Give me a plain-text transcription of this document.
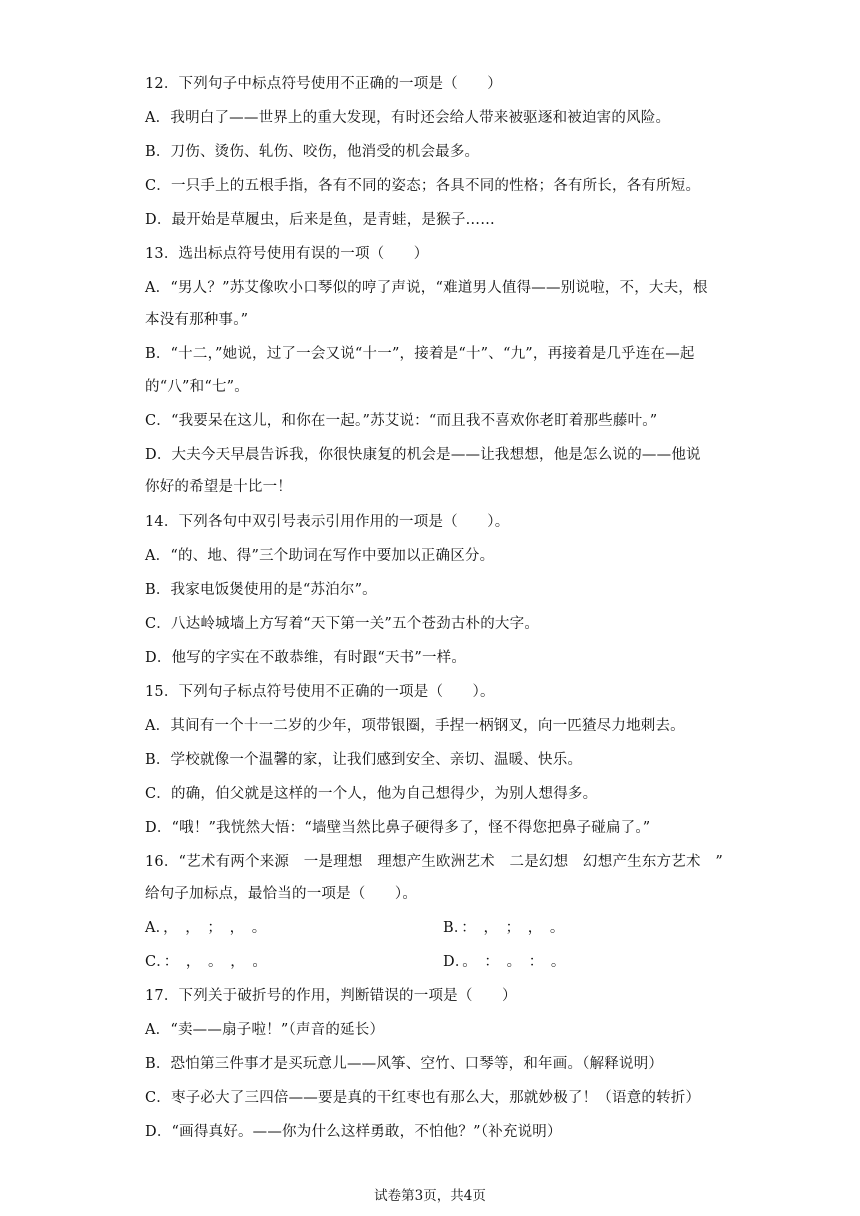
12．下列句子中标点符号使用不正确的一项是（　　）
A．我明白了——世界上的重大发现，有时还会给人带来被驱逐和被迫害的风险。
B．刀伤、烫伤、轧伤、咬伤，他消受的机会最多。
C．一只手上的五根手指，各有不同的姿态；各具不同的性格；各有所长，各有所短。
D．最开始是草履虫，后来是鱼，是青蛙，是猴子……
13．选出标点符号使用有误的一项（　　）
A．“男人？”苏艾像吹小口琴似的哼了声说，“难道男人值得——别说啦，不，大夫，根
本没有那种事。”
B．“十二，”她说，过了一会又说“十一”，接着是“十”、“九”，再接着是几乎连在—起
的“八”和“七”。
C．“我要呆在这儿，和你在一起。”苏艾说：“而且我不喜欢你老盯着那些藤叶。”
D．大夫今天早晨告诉我，你很快康复的机会是——让我想想，他是怎么说的——他说
你好的希望是十比一！
14．下列各句中双引号表示引用作用的一项是（　　）。
A．“的、地、得”三个助词在写作中要加以正确区分。
B．我家电饭煲使用的是“苏泊尔”。
C．八达岭城墙上方写着“天下第一关”五个苍劲古朴的大字。
D．他写的字实在不敢恭维，有时跟“天书”一样。
15．下列句子标点符号使用不正确的一项是（　　）。
A．其间有一个十一二岁的少年，项带银圈，手捏一柄钢叉，向一匹猹尽力地刺去。
B．学校就像一个温馨的家，让我们感到安全、亲切、温暖、快乐。
C．的确，伯父就是这样的一个人，他为自己想得少，为别人想得多。
D．“哦！”我恍然大悟：“墙壁当然比鼻子硬得多了，怪不得您把鼻子碰扁了。”
16．“艺术有两个来源　一是理想　理想产生欧洲艺术　二是幻想　幻想产生东方艺术　”
给句子加标点，最恰当的一项是（　　）。
A．，　，　；　，　。	B．：　，　；　，　。
C．：　，　。　，　。	D．。　：　。　：　。
17．下列关于破折号的作用，判断错误的一项是（　　）
A．“卖——扇子啦！”（声音的延长）
B．恐怕第三件事才是买玩意儿——风筝、空竹、口琴等，和年画。（解释说明）
C．枣子必大了三四倍——要是真的干红枣也有那么大，那就妙极了！（语意的转折）
D．“画得真好。——你为什么这样勇敢，不怕他？”（补充说明）
试卷第3页，共4页
